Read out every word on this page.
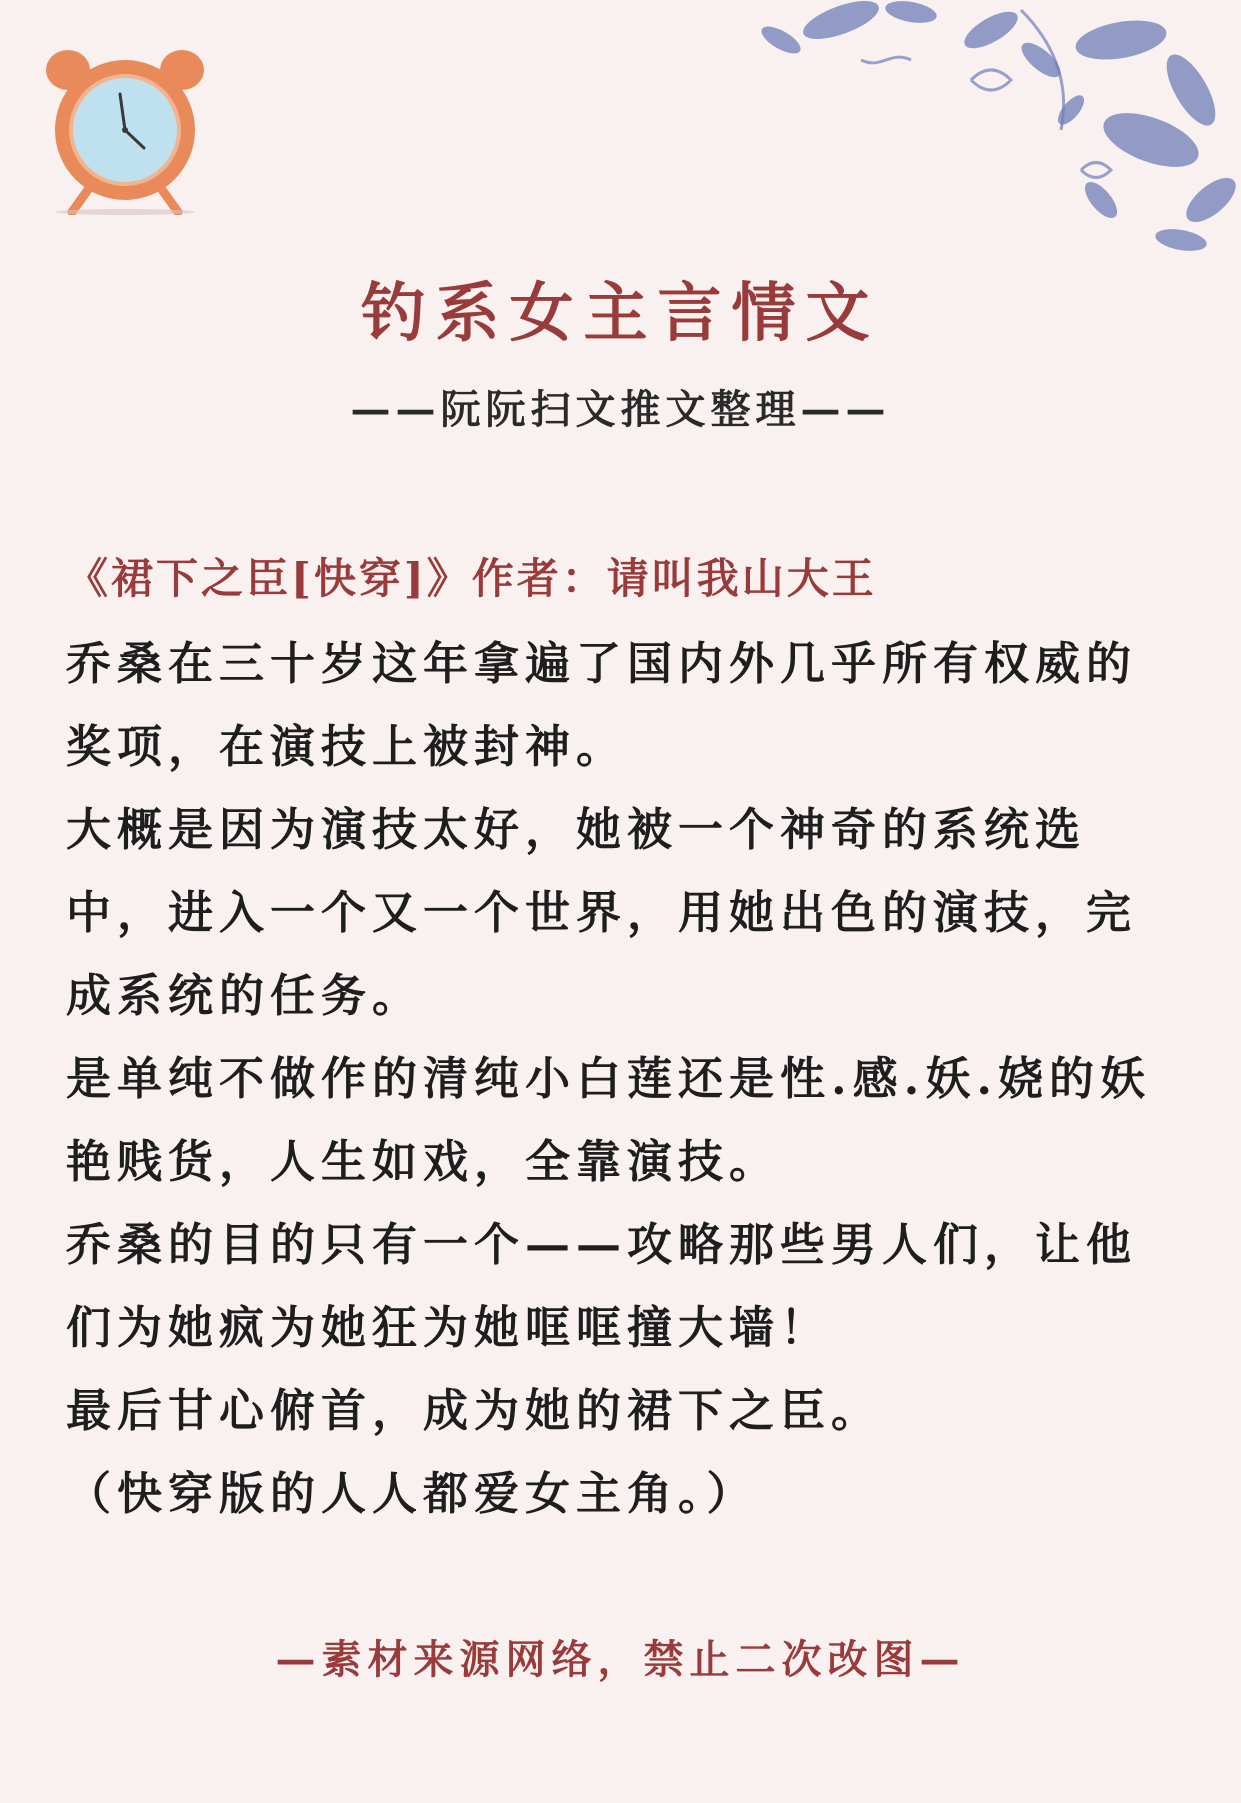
钓系女主言情文
——阮阮扫文推文整理——
《裙下之臣[快穿]》作者：请叫我山大王

乔桑在三十岁这年拿遍了国内外几乎所有权威的奖项，在演技上被封神。

大概是因为演技太好，她被一个神奇的系统选中，进入一个又一个世界，用她出色的演技，完成系统的任务。

是单纯不做作的清纯小白莲还是性.感.妖.娆的妖艳贱货，人生如戏，全靠演技。

乔桑的目的只有一个——攻略那些男人们，让他们为她疯为她狂为她哐哐撞大墙！

最后甘心俯首，成为她的裙下之臣。

（快穿版的人人都爱女主角。）

—素材来源网络，禁止二次改图—
